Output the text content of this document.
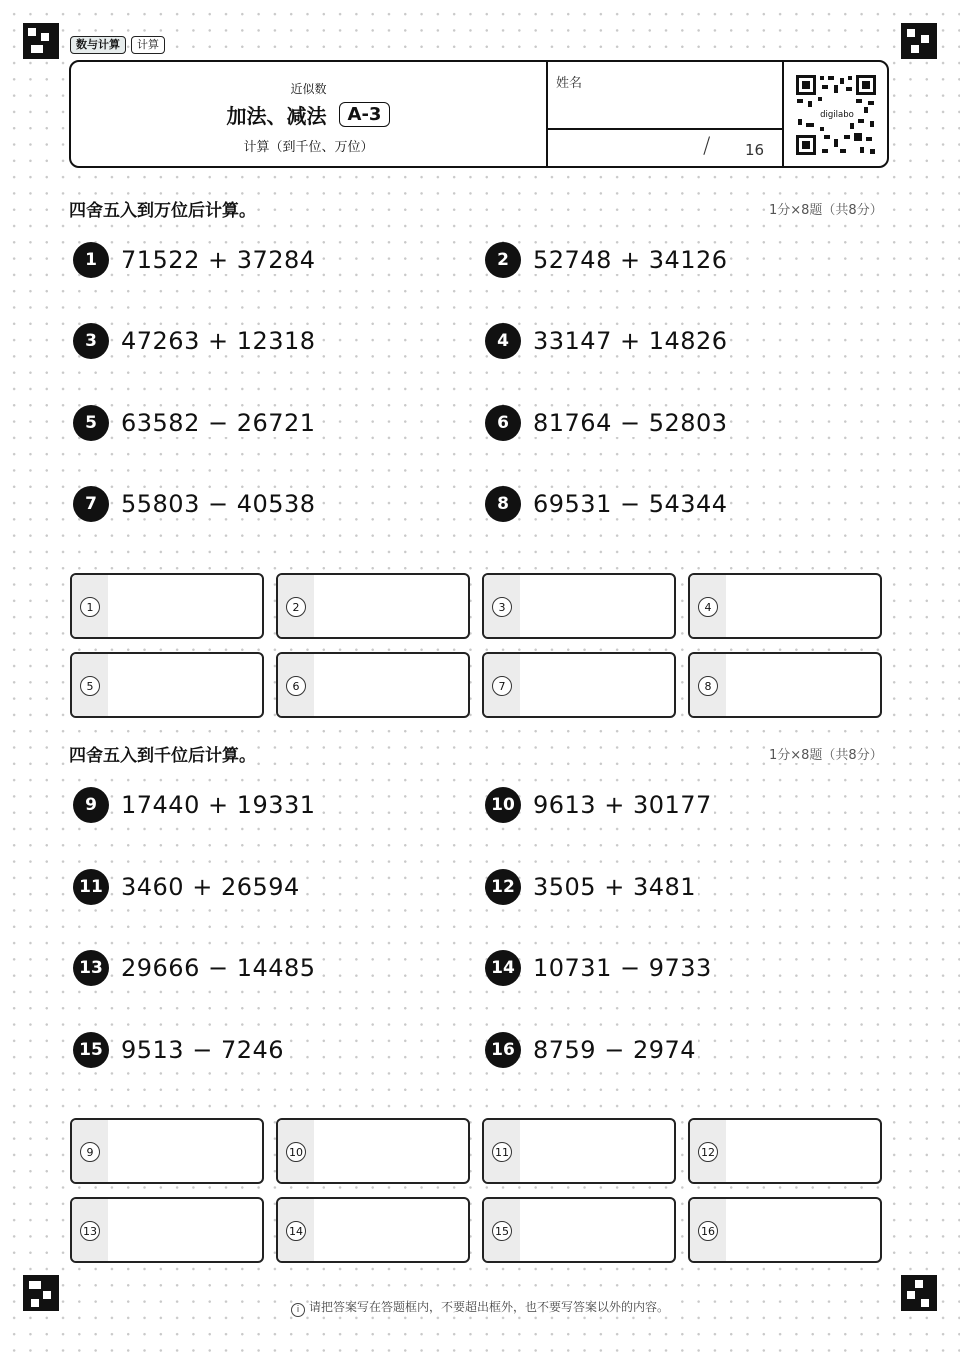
数与计算	计算
近似数
加法、减法	A-3
计算（到千位、万位）
姓名
/ 16
digilabo
四舍五入到万位后计算。	1分×8题（共8分）
1	71522 + 37284	2	52748 + 34126
3	47263 + 12318	4	33147 + 14826
5	63582 − 26721	6	81764 − 52803
7	55803 − 40538	8	69531 − 54344
1	2	3	4
5	6	7	8
四舍五入到千位后计算。	1分×8题（共8分）
9	17440 + 19331	10 9613 + 30177
11 3460 + 26594	12 3505 + 3481
13 29666 − 14485	14 10731 − 9733
15 9513 − 7246	16 8759 − 2974
9	10	11	12
13	14	15	16
i 请把答案写在答题框内，不要超出框外，也不要写答案以外的内容。
